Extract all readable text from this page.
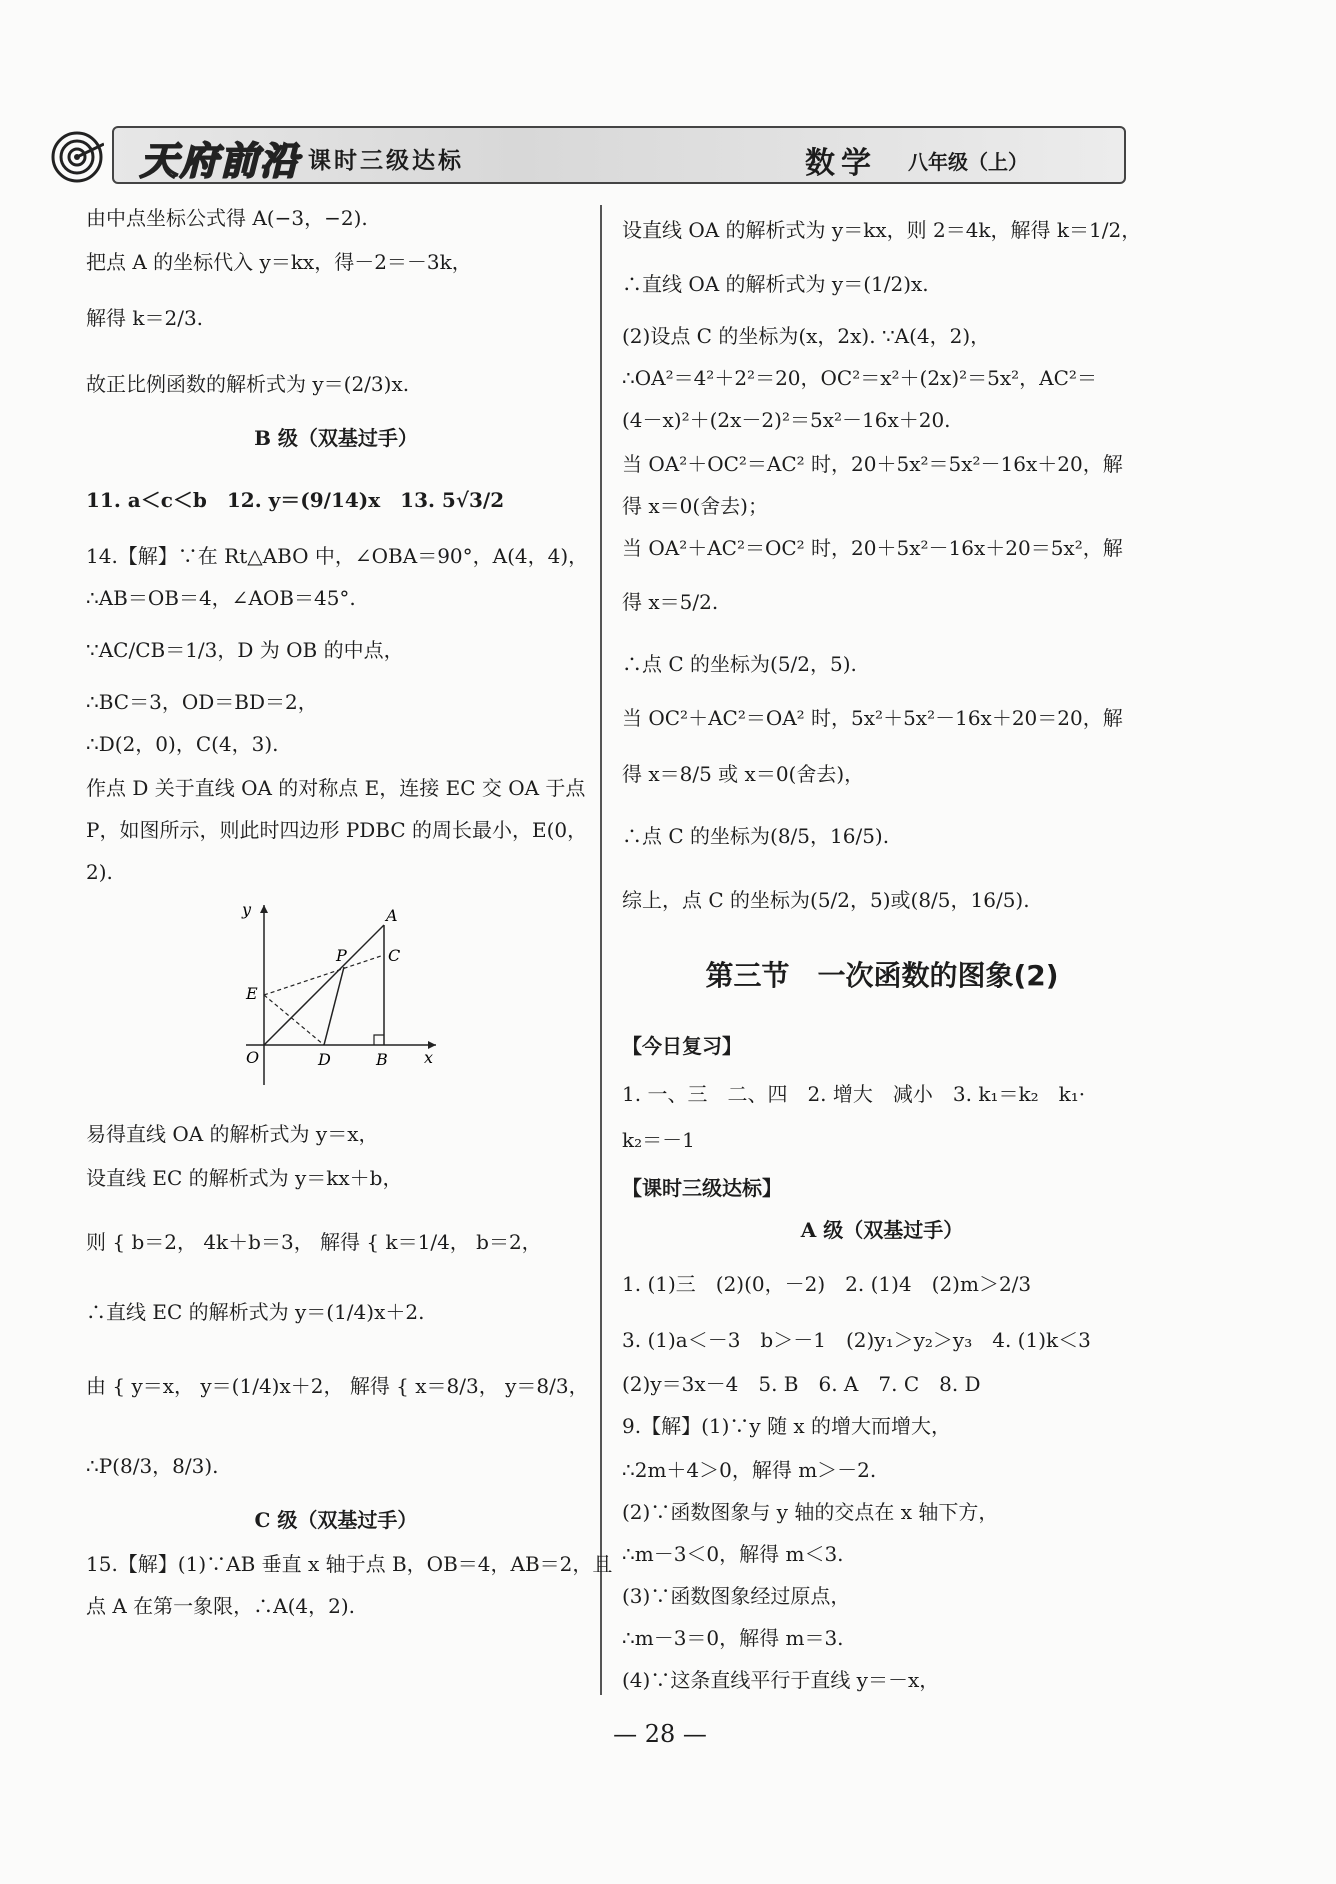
天府前沿 课时三级达标	数学 八年级（上）
由中点坐标公式得 A(−3，−2).
把点 A 的坐标代入 y＝kx，得－2＝－3k，
解得 k＝2/3.
故正比例函数的解析式为 y＝(2/3)x.
B 级（双基过手）
11. a＜c＜b　12. y＝(9/14)x　13. 5√3/2
14.【解】∵在 Rt△ABO 中，∠OBA＝90°，A(4，4)，
∴AB＝OB＝4，∠AOB＝45°.
∵AC/CB＝1/3，D 为 OB 的中点，
∴BC＝3，OD＝BD＝2，
∴D(2，0)，C(4，3).
作点 D 关于直线 OA 的对称点 E，连接 EC 交 OA 于点
P，如图所示，则此时四边形 PDBC 的周长最小，E(0，
2).
y	A
P	C
E
O	D	B x
易得直线 OA 的解析式为 y＝x，
设直线 EC 的解析式为 y＝kx＋b，
则 { b＝2， 4k＋b＝3， 解得 { k＝1/4， b＝2，
∴直线 EC 的解析式为 y＝(1/4)x＋2.
由 { y＝x， y＝(1/4)x＋2， 解得 { x＝8/3， y＝8/3，
∴P(8/3，8/3).
C 级（双基过手）
15.【解】(1)∵AB 垂直 x 轴于点 B，OB＝4，AB＝2，且
点 A 在第一象限，∴A(4，2).
设直线 OA 的解析式为 y＝kx，则 2＝4k，解得 k＝1/2，
∴直线 OA 的解析式为 y＝(1/2)x.
(2)设点 C 的坐标为(x，2x). ∵A(4，2)，
∴OA²＝4²＋2²＝20，OC²＝x²＋(2x)²＝5x²，AC²＝
(4－x)²＋(2x－2)²＝5x²－16x＋20.
当 OA²＋OC²＝AC² 时，20＋5x²＝5x²－16x＋20，解
得 x＝0(舍去)；
当 OA²＋AC²＝OC² 时，20＋5x²－16x＋20＝5x²，解
得 x＝5/2.
∴点 C 的坐标为(5/2，5).
当 OC²＋AC²＝OA² 时，5x²＋5x²－16x＋20＝20，解
得 x＝8/5 或 x＝0(舍去)，
∴点 C 的坐标为(8/5，16/5).
综上，点 C 的坐标为(5/2，5)或(8/5，16/5).
第三节　一次函数的图象(2)
【今日复习】
1. 一、三　二、四　2. 增大　减小　3. k₁＝k₂　k₁·
k₂＝－1
【课时三级达标】
A 级（双基过手）
1. (1)三　(2)(0，－2)　2. (1)4　(2)m＞2/3
3. (1)a＜－3　b＞－1　(2)y₁＞y₂＞y₃　4. (1)k＜3
(2)y＝3x－4　5. B　6. A　7. C　8. D
9.【解】(1)∵y 随 x 的增大而增大，
∴2m＋4＞0，解得 m＞－2.
(2)∵函数图象与 y 轴的交点在 x 轴下方，
∴m－3＜0，解得 m＜3.
(3)∵函数图象经过原点，
∴m－3＝0，解得 m＝3.
(4)∵这条直线平行于直线 y＝－x，
— 28 —
